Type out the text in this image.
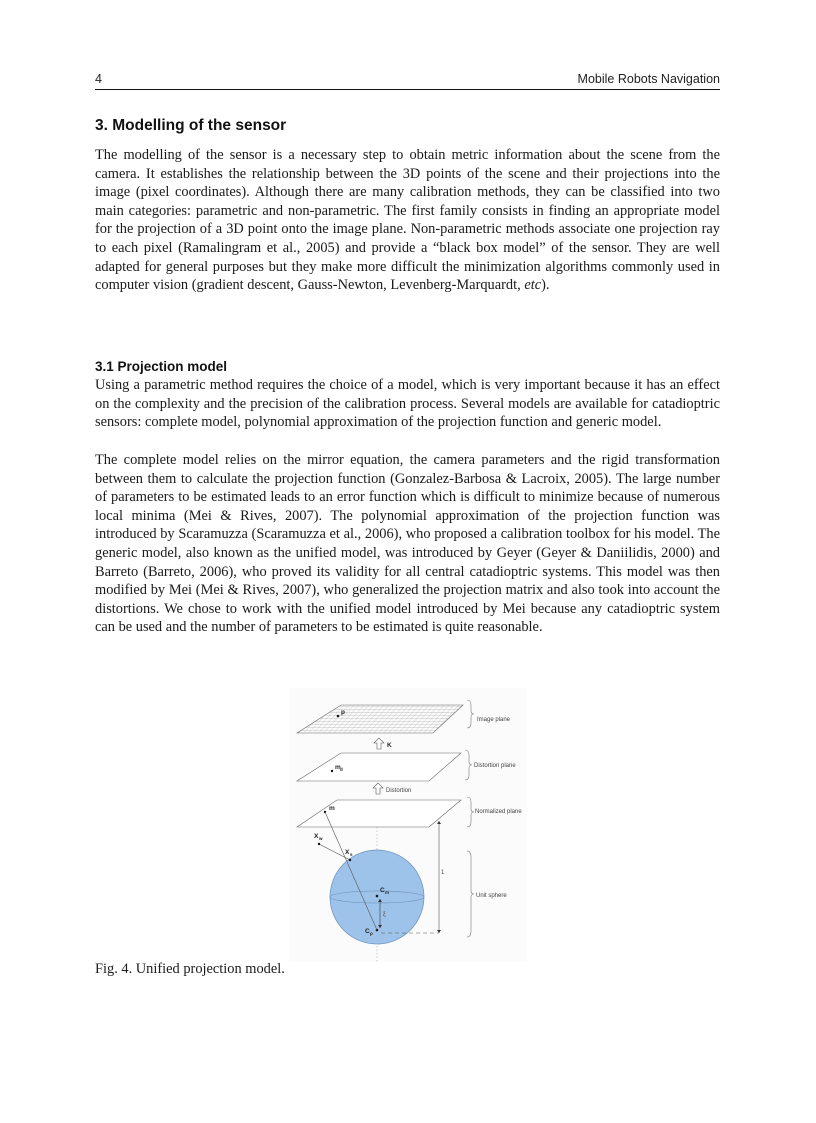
4	Mobile Robots Navigation
3. Modelling of the sensor

The modelling of the sensor is a necessary step to obtain metric information about the scene from the camera. It establishes the relationship between the 3D points of the scene and their projections into the image (pixel coordinates). Although there are many calibration methods, they can be classified into two main categories: parametric and non-parametric. The first family consists in finding an appropriate model for the projection of a 3D point onto the image plane. Non-parametric methods associate one projection ray to each pixel (Ramalingram et al., 2005) and provide a “black box model” of the sensor. They are well adapted for general purposes but they make more difficult the minimization algorithms commonly used in computer vision (gradient descent, Gauss-Newton, Levenberg-Marquardt, etc).

3.1 Projection model

Using a parametric method requires the choice of a model, which is very important because it has an effect on the complexity and the precision of the calibration process. Several models are available for catadioptric sensors: complete model, polynomial approximation of the projection function and generic model.

The complete model relies on the mirror equation, the camera parameters and the rigid transformation between them to calculate the projection function (Gonzalez-Barbosa & Lacroix, 2005). The large number of parameters to be estimated leads to an error function which is difficult to minimize because of numerous local minima (Mei & Rives, 2007). The polynomial approximation of the projection function was introduced by Scaramuzza (Scaramuzza et al., 2006), who proposed a calibration toolbox for his model. The generic model, also known as the unified model, was introduced by Geyer (Geyer & Daniilidis, 2000) and Barreto (Barreto, 2006), who proved its validity for all central catadioptric systems. This model was then modified by Mei (Mei & Rives, 2007), who generalized the projection matrix and also took into account the distortions. We chose to work with the unified model introduced by Mei because any catadioptric system can be used and the number of parameters to be estimated is quite reasonable.

p
Image plane
K
m d
Distortion plane
Distortion
m	Normalized plane
C m
C p
ξ
Unit sphere
X w
X s
1

Fig. 4. Unified projection model.
